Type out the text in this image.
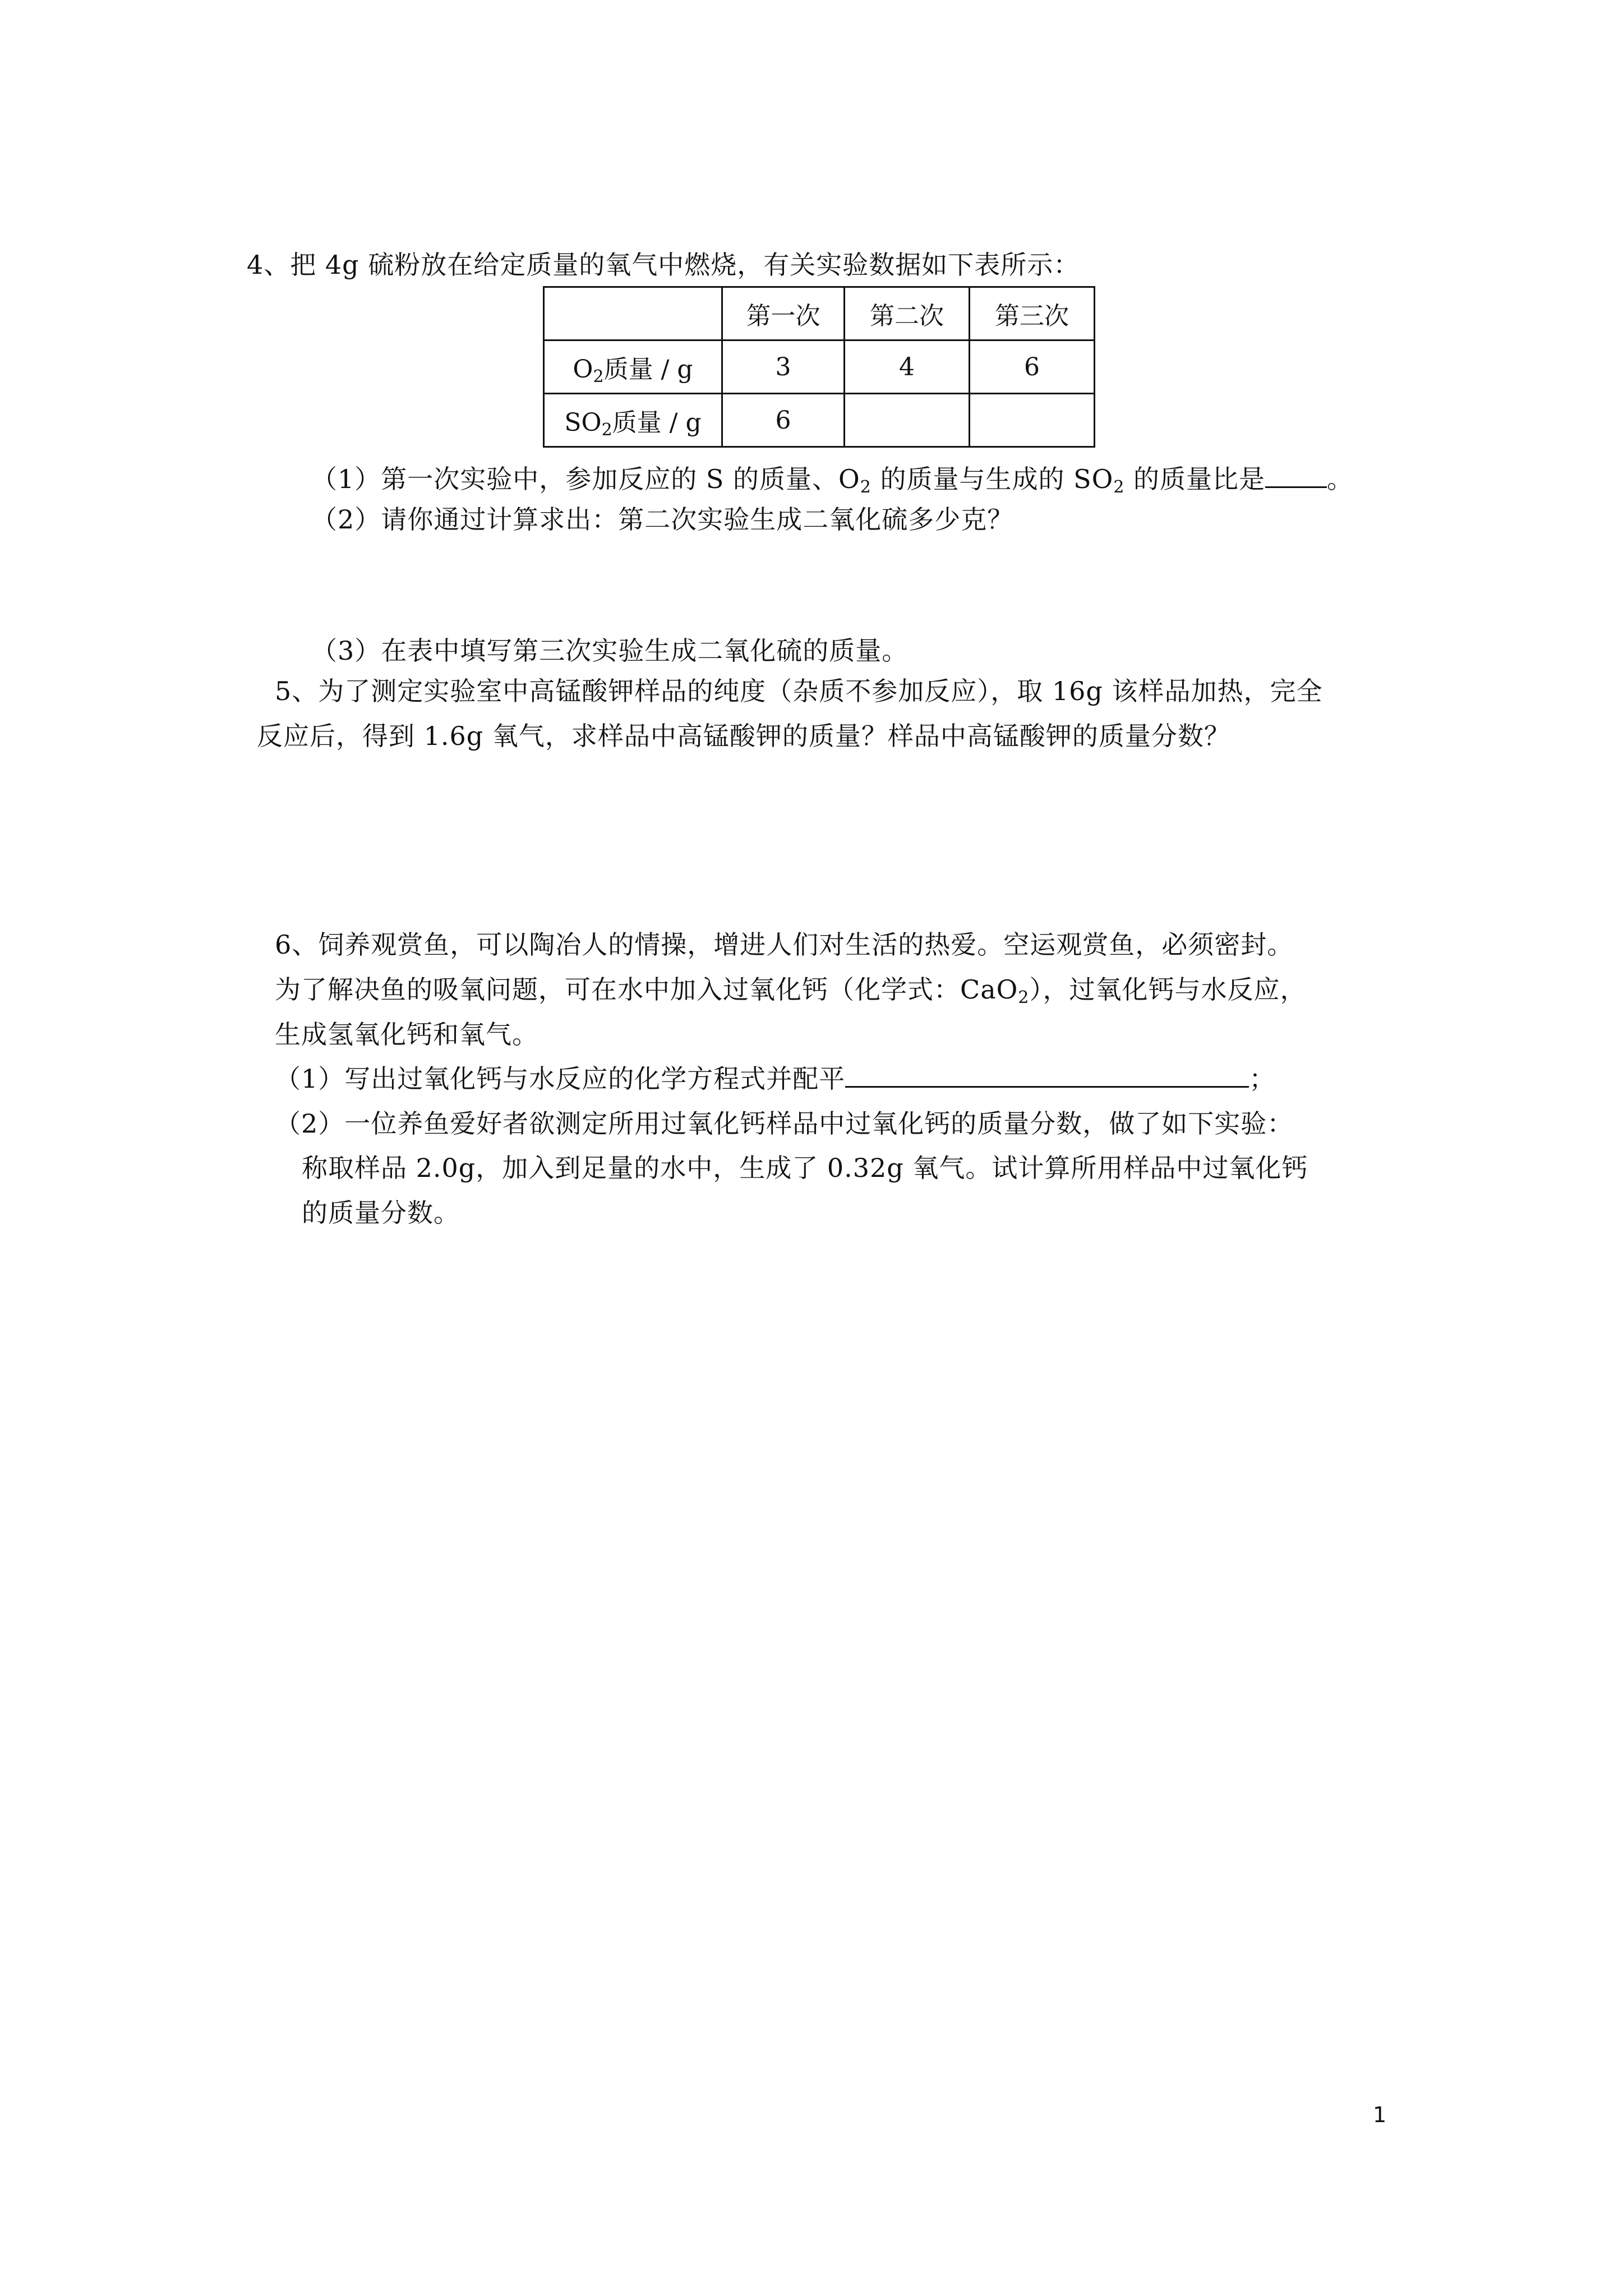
4、把 4g 硫粉放在给定质量的氧气中燃烧，有关实验数据如下表所示：
	第一次	第二次	第三次
$O_2$质量 / g	3	4	6
$SO_2$质量 / g	6		
（1）第一次实验中，参加反应的 S 的质量、$O_2$ 的质量与生成的 $SO_2$ 的质量比是 。
（2）请你通过计算求出：第二次实验生成二氧化硫多少克？
（3）在表中填写第三次实验生成二氧化硫的质量。
5、为了测定实验室中高锰酸钾样品的纯度（杂质不参加反应），取 16g 该样品加热，完全
反应后，得到 1.6g 氧气，求样品中高锰酸钾的质量？样品中高锰酸钾的质量分数？
6、饲养观赏鱼，可以陶冶人的情操，增进人们对生活的热爱。空运观赏鱼，必须密封。
为了解决鱼的吸氧问题，可在水中加入过氧化钙（化学式：CaO$_2$），过氧化钙与水反应，
生成氢氧化钙和氧气。
（1）写出过氧化钙与水反应的化学方程式并配平	；
（2）一位养鱼爱好者欲测定所用过氧化钙样品中过氧化钙的质量分数，做了如下实验：
称取样品 2.0g，加入到足量的水中，生成了 0.32g 氧气。试计算所用样品中过氧化钙
的质量分数。
1
